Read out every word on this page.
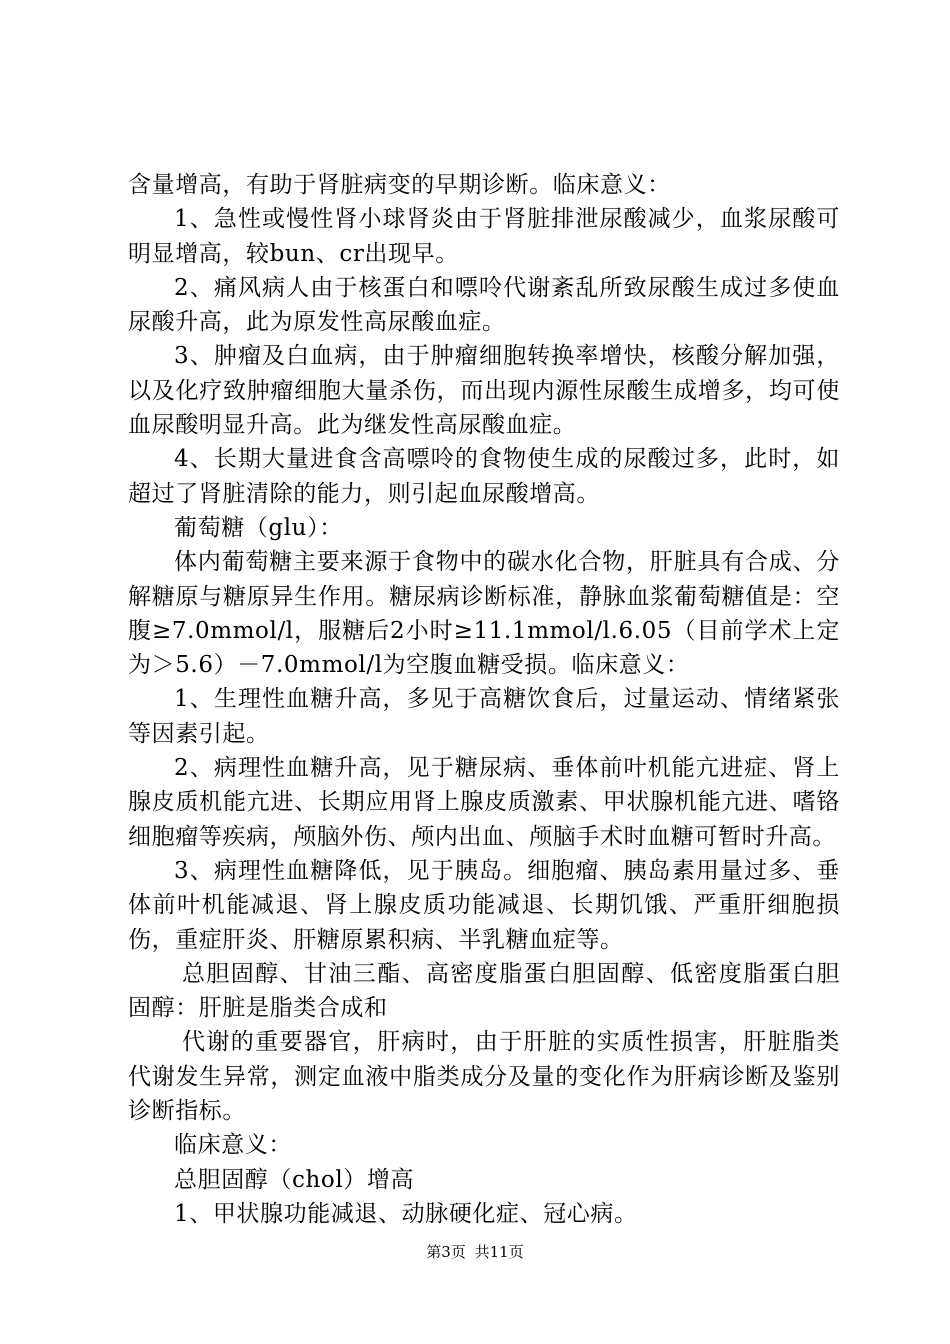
含量增高，有助于肾脏病变的早期诊断。临床意义：

1、急性或慢性肾小球肾炎由于肾脏排泄尿酸减少，血浆尿酸可明显增高，较bun、cr出现早。

2、痛风病人由于核蛋白和嘌呤代谢紊乱所致尿酸生成过多使血尿酸升高，此为原发性高尿酸血症。

3、肿瘤及白血病，由于肿瘤细胞转换率增快，核酸分解加强，以及化疗致肿瘤细胞大量杀伤，而出现内源性尿酸生成增多，均可使血尿酸明显升高。此为继发性高尿酸血症。

4、长期大量进食含高嘌呤的食物使生成的尿酸过多，此时，如超过了肾脏清除的能力，则引起血尿酸增高。

葡萄糖（glu）：

体内葡萄糖主要来源于食物中的碳水化合物，肝脏具有合成、分解糖原与糖原异生作用。糖尿病诊断标准，静脉血浆葡萄糖值是：空腹≥7.0mmol/l，服糖后2小时≥11.1mmol/l.6.05（目前学术上定为＞5.6）－7.0mmol/l为空腹血糖受损。临床意义：

1、生理性血糖升高，多见于高糖饮食后，过量运动、情绪紧张等因素引起。

2、病理性血糖升高，见于糖尿病、垂体前叶机能亢进症、肾上腺皮质机能亢进、长期应用肾上腺皮质激素、甲状腺机能亢进、嗜铬细胞瘤等疾病，颅脑外伤、颅内出血、颅脑手术时血糖可暂时升高。

3、病理性血糖降低，见于胰岛。细胞瘤、胰岛素用量过多、垂体前叶机能减退、肾上腺皮质功能减退、长期饥饿、严重肝细胞损伤，重症肝炎、肝糖原累积病、半乳糖血症等。

总胆固醇、甘油三酯、高密度脂蛋白胆固醇、低密度脂蛋白胆固醇：肝脏是脂类合成和

代谢的重要器官，肝病时，由于肝脏的实质性损害，肝脏脂类代谢发生异常，测定血液中脂类成分及量的变化作为肝病诊断及鉴别诊断指标。

临床意义：

总胆固醇（chol）增高

1、甲状腺功能减退、动脉硬化症、冠心病。

第3页 共11页
